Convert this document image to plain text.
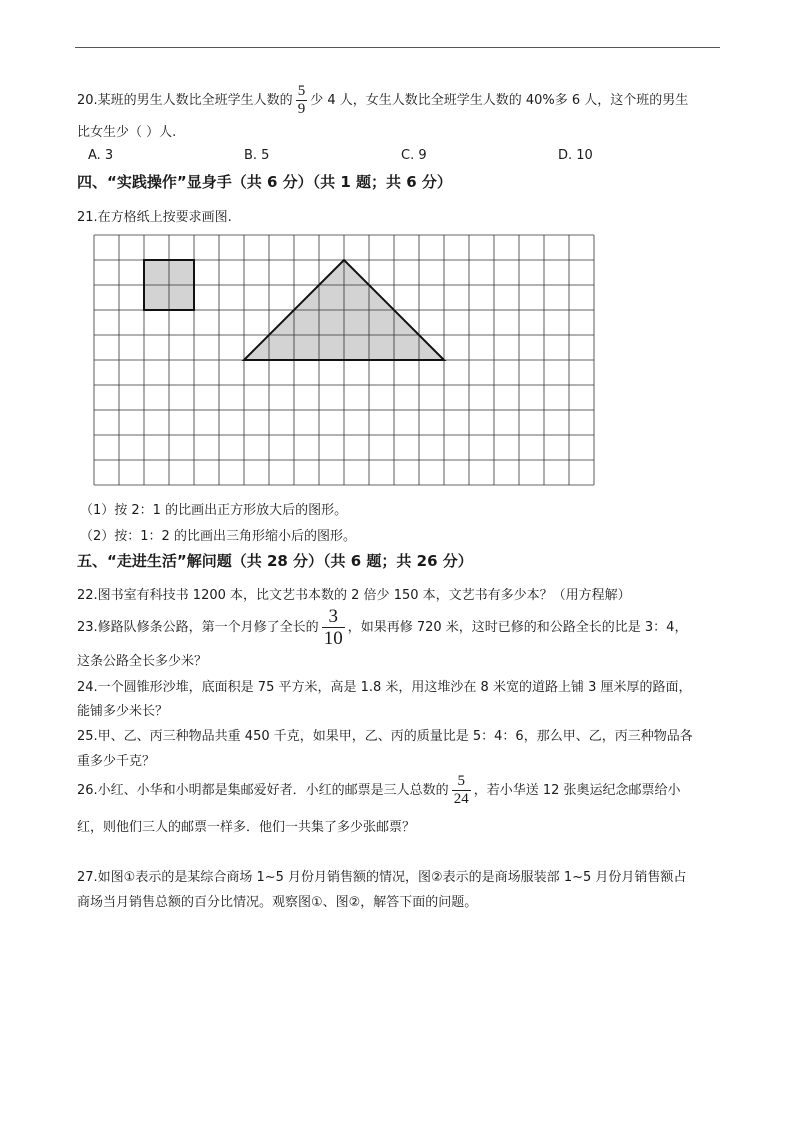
20.某班的男生人数比全班学生人数的 $\frac{5}{9}$ 少 4 人，女生人数比全班学生人数的 40%多 6 人，这个班的男生
比女生少（ ）人.
A. 3	B. 5	C. 9	D. 10
四、“实践操作”显身手（共 6 分）（共 1 题；共 6 分）
21.在方格纸上按要求画图.
（1）按 2：1 的比画出正方形放大后的图形。
（2）按：1：2 的比画出三角形缩小后的图形。
五、“走进生活”解问题（共 28 分）（共 6 题；共 26 分）
22.图书室有科技书 1200 本，比文艺书本数的 2 倍少 150 本，文艺书有多少本？（用方程解）
23.修路队修条公路，第一个月修了全长的 $\frac{3}{10}$ ，如果再修 720 米，这时已修的和公路全长的比是 3：4，
这条公路全长多少米？
24.一个圆锥形沙堆，底面积是 75 平方米，高是 1.8 米，用这堆沙在 8 米宽的道路上铺 3 厘米厚的路面，
能铺多少米长？
25.甲、乙、丙三种物品共重 450 千克，如果甲，乙、丙的质量比是 5：4：6，那么甲、乙，丙三种物品各
重多少千克？
26.小红、小华和小明都是集邮爱好者．小红的邮票是三人总数的 $\frac{5}{24}$ ，若小华送 12 张奥运纪念邮票给小
红，则他们三人的邮票一样多．他们一共集了多少张邮票？
27.如图①表示的是某综合商场 1~5 月份月销售额的情况，图②表示的是商场服装部 1~5 月份月销售额占
商场当月销售总额的百分比情况。观察图①、图②，解答下面的问题。
